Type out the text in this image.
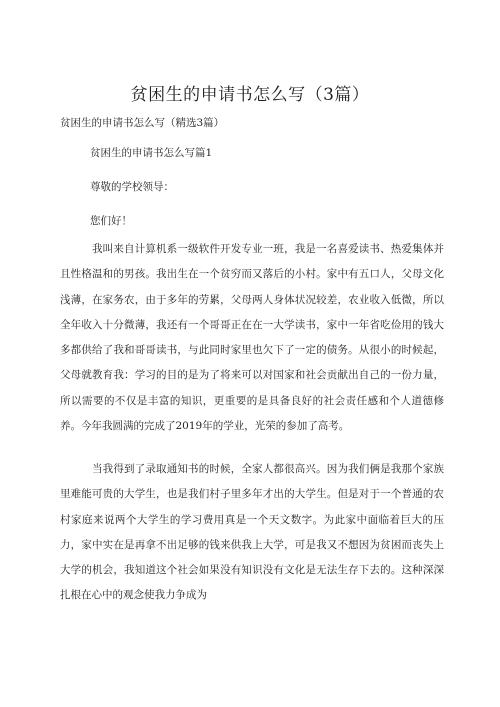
贫困生的申请书怎么写（3篇）
贫困生的申请书怎么写（精选3篇）

贫困生的申请书怎么写篇1

尊敬的学校领导：

您们好！

我叫来自计算机系一级软件开发专业一班，我是一名喜爱读书、热爱集体并且性格温和的男孩。我出生在一个贫穷而又落后的小村。家中有五口人，父母文化浅薄，在家务农，由于多年的劳累，父母两人身体状况较差，农业收入低微，所以全年收入十分微薄，我还有一个哥哥正在在一大学读书，家中一年省吃俭用的钱大多都供给了我和哥哥读书，与此同时家里也欠下了一定的债务。从很小的时候起，父母就教育我：学习的目的是为了将来可以对国家和社会贡献出自己的一份力量，所以需要的不仅是丰富的知识，更重要的是具备良好的社会责任感和个人道德修养。今年我圆满的完成了2019年的学业，光荣的参加了高考。

当我得到了录取通知书的时候，全家人都很高兴。因为我们俩是我那个家族里难能可贵的大学生，也是我们村子里多年才出的大学生。但是对于一个普通的农村家庭来说两个大学生的学习费用真是一个天文数字。为此家中面临着巨大的压力，家中实在是再拿不出足够的钱来供我上大学，可是我又不想因为贫困而丧失上大学的机会，我知道这个社会如果没有知识没有文化是无法生存下去的。这种深深扎根在心中的观念使我力争成为
